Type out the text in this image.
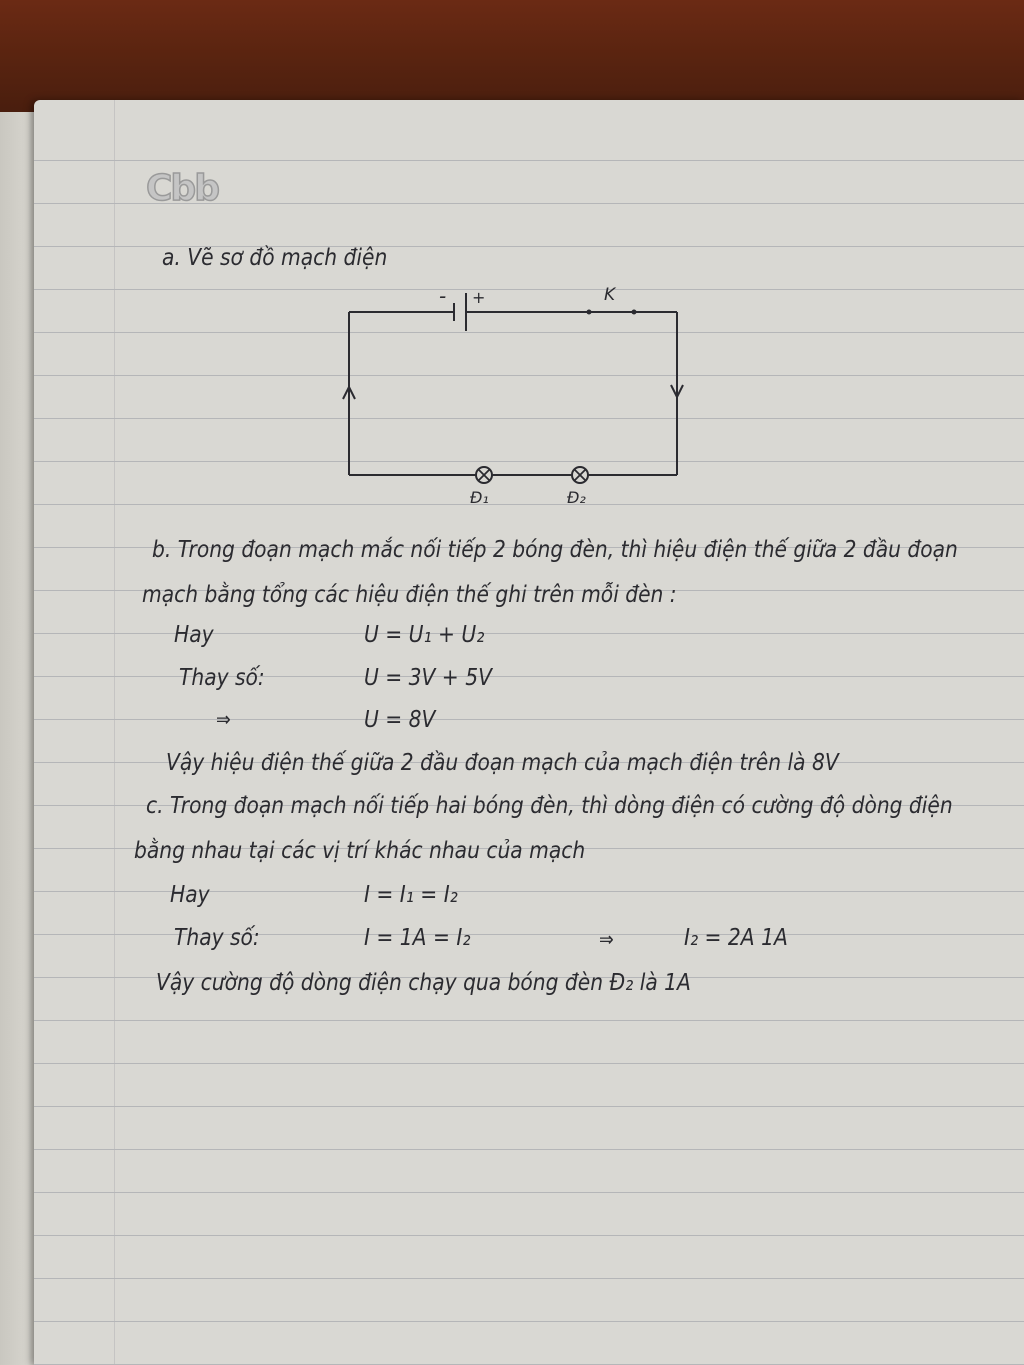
Cbb
a. Vẽ sơ đồ mạch điện
- +	K
Đ₁	Đ₂
b. Trong đoạn mạch mắc nối tiếp 2 bóng đèn, thì hiệu điện thế giữa 2 đầu đoạn
mạch bằng tổng các hiệu điện thế ghi trên mỗi đèn :
Hay	U = U₁ + U₂
Thay số:	U = 3V + 5V
⇒	U = 8V
Vậy hiệu điện thế giữa 2 đầu đoạn mạch của mạch điện trên là 8V
c. Trong đoạn mạch nối tiếp hai bóng đèn, thì dòng điện có cường độ dòng điện
bằng nhau tại các vị trí khác nhau của mạch
Hay	I = I₁ = I₂
Thay số:	I = 1A = I₂	⇒	I₂ = 2A 1A
Vậy cường độ dòng điện chạy qua bóng đèn Đ₂ là 1A
